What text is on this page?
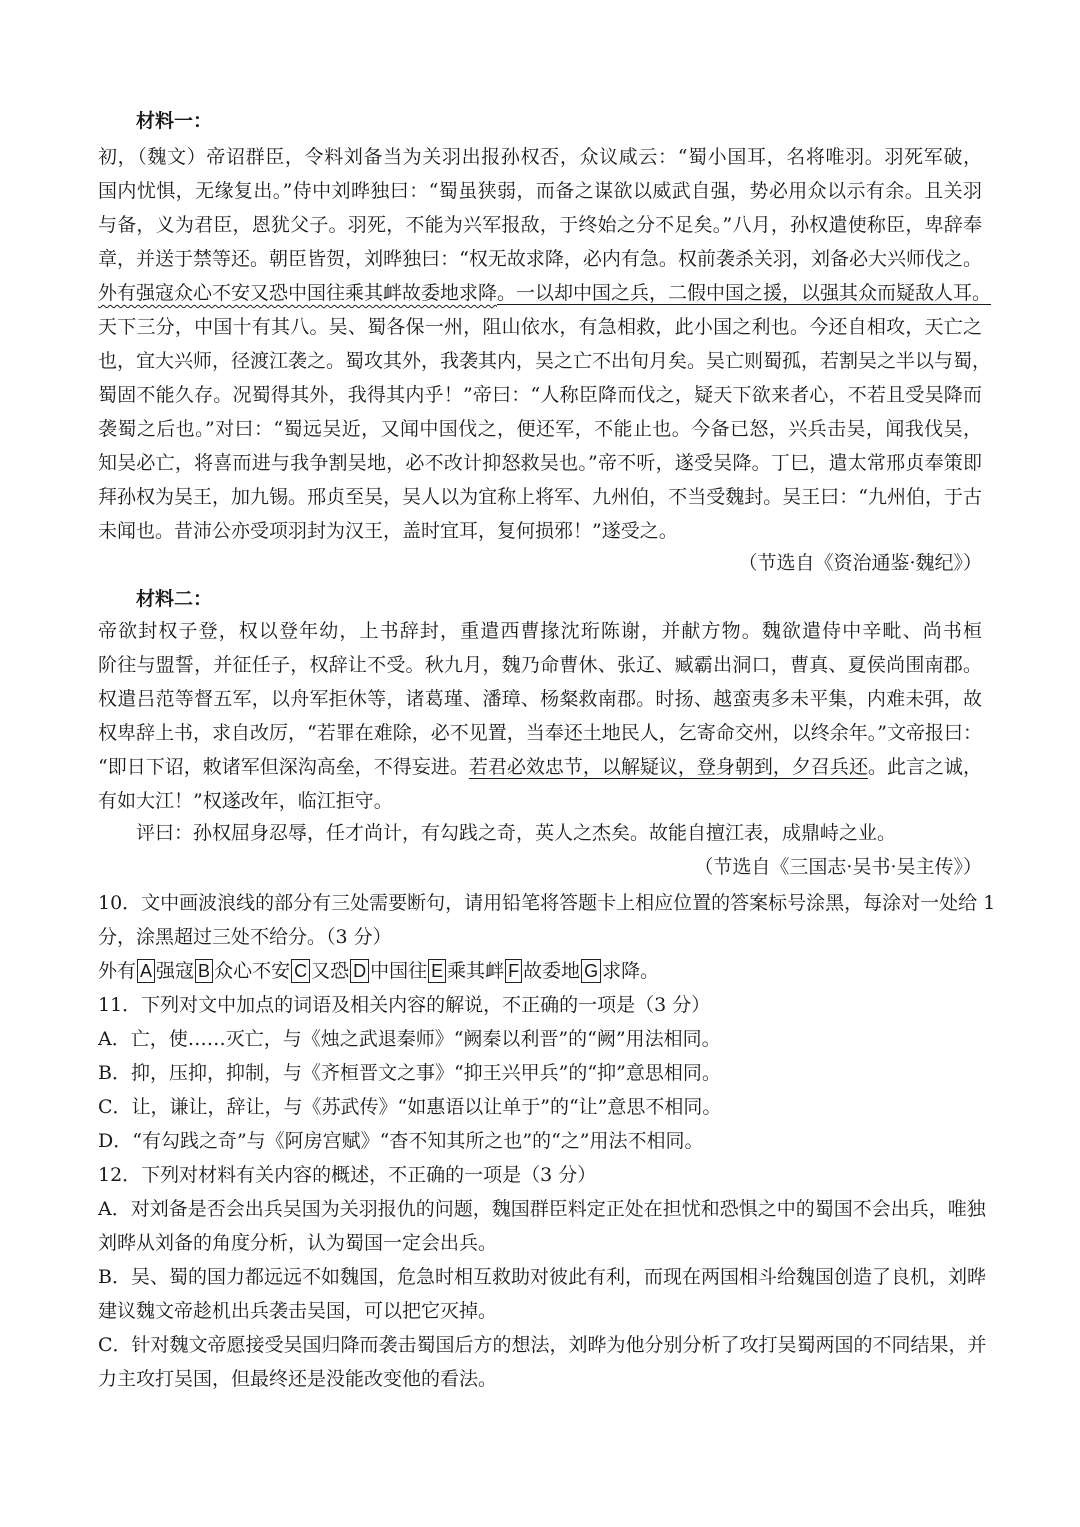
材料一：
初，（魏文）帝诏群臣，令料刘备当为关羽出报孙权否，众议咸云：“蜀小国耳，名将唯羽。羽死军破，
国内忧惧，无缘复出。”侍中刘晔独曰：“蜀虽狭弱，而备之谋欲以威武自强，势必用众以示有余。且关羽
与备，义为君臣，恩犹父子。羽死，不能为兴军报敌，于终始之分不足矣。”八月，孙权遣使称臣，卑辞奉
章，并送于禁等还。朝臣皆贺，刘晔独曰：“权无故求降，必内有急。权前袭杀关羽，刘备必大兴师伐之。
外有强寇众心不安又恐中国往乘其衅故委地求降。一以却中国之兵，二假中国之援，以强其众而疑敌人耳。
天下三分，中国十有其八。吴、蜀各保一州，阻山依水，有急相救，此小国之利也。今还自相攻，天亡之
也，宜大兴师，径渡江袭之。蜀攻其外，我袭其内，吴之亡不出旬月矣。吴亡则蜀孤，若割吴之半以与蜀，
蜀固不能久存。况蜀得其外，我得其内乎！”帝曰：“人称臣降而伐之，疑天下欲来者心，不若且受吴降而
袭蜀之后也。”对曰：“蜀远吴近，又闻中国伐之，便还军，不能止也。今备已怒，兴兵击吴，闻我伐吴，
知吴必亡，将喜而进与我争割吴地，必不改计抑怒救吴也。”帝不听，遂受吴降。丁巳，遣太常邢贞奉策即
拜孙权为吴王，加九锡。邢贞至吴，吴人以为宜称上将军、九州伯，不当受魏封。吴王曰：“九州伯，于古
未闻也。昔沛公亦受项羽封为汉王，盖时宜耳，复何损邪！”遂受之。
（节选自《资治通鉴·魏纪》）
材料二：
帝欲封权子登，权以登年幼，上书辞封，重遣西曹掾沈珩陈谢，并献方物。魏欲遣侍中辛毗、尚书桓
阶往与盟誓，并征任子，权辞让不受。秋九月，魏乃命曹休、张辽、臧霸出洞口，曹真、夏侯尚围南郡。
权遣吕范等督五军，以舟军拒休等，诸葛瑾、潘璋、杨粲救南郡。时扬、越蛮夷多未平集，内难未弭，故
权卑辞上书，求自改厉，“若罪在难除，必不见置，当奉还土地民人，乞寄命交州，以终余年。”文帝报曰：
“即日下诏，敕诸军但深沟高垒，不得妄进。若君必效忠节，以解疑议，登身朝到，夕召兵还。此言之诚，
有如大江！”权遂改年，临江拒守。
评曰：孙权屈身忍辱，任才尚计，有勾践之奇，英人之杰矣。故能自擅江表，成鼎峙之业。
（节选自《三国志·吴书·吴主传》）
10．文中画波浪线的部分有三处需要断句，请用铅笔将答题卡上相应位置的答案标号涂黑，每涂对一处给 1
分，涂黑超过三处不给分。（3 分）
外有 A 强寇 B 众心不安 C 又恐 D 中国往 E 乘其衅 F 故委地 G 求降。
11．下列对文中加点的词语及相关内容的解说，不正确的一项是（3 分）
A．亡，使……灭亡，与《烛之武退秦师》“阙秦以利晋”的“阙”用法相同。
B．抑，压抑，抑制，与《齐桓晋文之事》“抑王兴甲兵”的“抑”意思相同。
C．让，谦让，辞让，与《苏武传》“如惠语以让单于”的“让”意思不相同。
D．“有勾践之奇”与《阿房宫赋》“杳不知其所之也”的“之”用法不相同。
12．下列对材料有关内容的概述，不正确的一项是（3 分）
A．对刘备是否会出兵吴国为关羽报仇的问题，魏国群臣料定正处在担忧和恐惧之中的蜀国不会出兵，唯独
刘晔从刘备的角度分析，认为蜀国一定会出兵。
B．吴、蜀的国力都远远不如魏国，危急时相互救助对彼此有利，而现在两国相斗给魏国创造了良机，刘晔
建议魏文帝趁机出兵袭击吴国，可以把它灭掉。
C．针对魏文帝愿接受吴国归降而袭击蜀国后方的想法，刘晔为他分别分析了攻打吴蜀两国的不同结果，并
力主攻打吴国，但最终还是没能改变他的看法。
